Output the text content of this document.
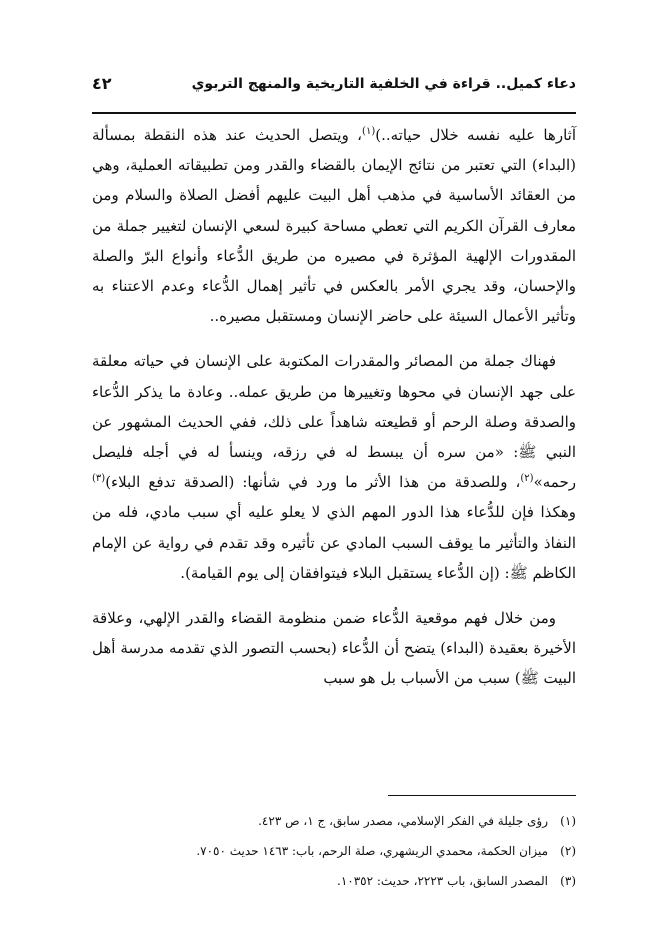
دعاء كميل.. قراءة في الخلفية التاريخية والمنهج التربوي
٤٢

آثارها عليه نفسه خلال حياته..)$^{(١)}$، ويتصل الحديث عند هذه النقطة بمسألة (البداء) التي تعتبر من نتائج الإيمان بالقضاء والقدر ومن تطبيقاته العملية، وهي من العقائد الأساسية في مذهب أهل البيت عليهم أفضل الصلاة والسلام ومن معارف القرآن الكريم التي تعطي مساحة كبيرة لسعي الإنسان لتغيير جملة من المقدورات الإلهية المؤثرة في مصيره من طريق الدُّعاء وأنواع البرّ والصلة والإحسان، وقد يجري الأمر بالعكس في تأثير إهمال الدُّعاء وعدم الاعتناء به وتأثير الأعمال السيئة على حاضر الإنسان ومستقبل مصيره..

فهناك جملة من المصائر والمقدرات المكتوبة على الإنسان في حياته معلقة على جهد الإنسان في محوها وتغييرها من طريق عمله.. وعادة ما يذكر الدُّعاء والصدقة وصلة الرحم أو قطيعته شاهداً على ذلك، ففي الحديث المشهور عن النبي ﷺ: «من سره أن يبسط له في رزقه، وينسأ له في أجله فليصل رحمه»$^{(٢)}$، وللصدقة من هذا الأثر ما ورد في شأنها: (الصدقة تدفع البلاء)$^{(٣)}$ وهكذا فإن للدُّعاء هذا الدور المهم الذي لا يعلو عليه أي سبب مادي، فله من النفاذ والتأثير ما يوقف السبب المادي عن تأثيره وقد تقدم في رواية عن الإمام الكاظم ﷺ: (إن الدُّعاء يستقبل البلاء فيتوافقان إلى يوم القيامة).

ومن خلال فهم موقعية الدُّعاء ضمن منظومة القضاء والقدر الإلهي، وعلاقة الأخيرة بعقيدة (البداء) يتضح أن الدُّعاء (بحسب التصور الذي تقدمه مدرسة أهل البيت ﷺ) سبب من الأسباب بل هو سبب

(١)رؤى جليلة في الفكر الإسلامي، مصدر سابق، ج ١، ص ٤٢٣.
(٢)ميزان الحكمة، محمدي الريشهري، صلة الرحم، باب: ١٤٦٣ حديث ٧٠٥٠.
(٣)المصدر السابق، باب ٢٢٢٣، حديث: ١٠٣٥٢.
